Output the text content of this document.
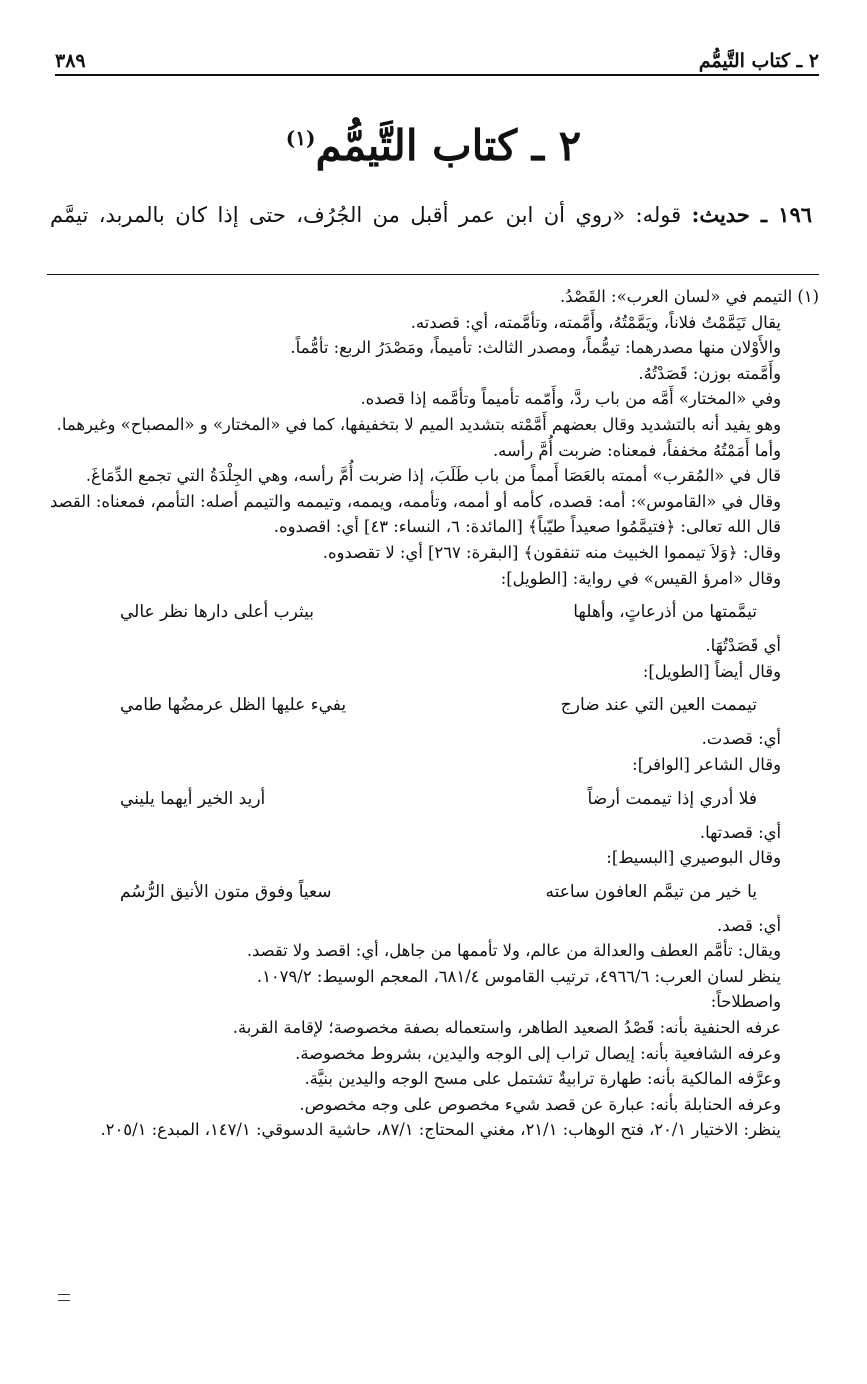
٣٨٩	٢ ـ كتاب التَّيمُّم
٢ ـ كتاب التَّيمُّم$^{(١)}$
١٩٦ ـ حديث: قوله: «روي أن ابن عمر أقبل من الجُرُف، حتى إذا كان بالمربد، تيمَّم

(١) التيمم في «لسان العرب»: القَصْدُ.

يقال تَيَمَّمْتُ فلاناً، ويَمَّمْتُهُ، وأَمَّمته، وتأمَّمته، أي: قصدته.

والأَوْلان منها مصدرهما: تيمُّماً، ومصدر الثالث: تأميماً، ومَصْدَرُ الربع: تأمُّماً.

وأَمَّمته بوزن: قَصَدْتُهُ.

وفي «المختار» أَمَّه من باب ردَّ، وأَمّمه تأميماً وتأمَّمه إذا قصده.

وهو يفيد أنه بالتشديد وقال بعضهم أَمَّمْته بتشديد الميم لا بتخفيفها، كما في «المختار» و «المصباح» وغيرهما.

وأما أَمَمْتُهُ مخففاً، فمعناه: ضربت أُمَّ رأسه.

قال في «المُقرب» أممته بالعَصَا أَمماً من باب طَلَبَ، إذا ضربت أُمَّ رأسه، وهي الجِلْدَةُ التي تجمع الدِّمَاغَ.

وقال في «القاموس»: أمه: قصده، كأمه أو أممه، وتأممه، ويممه، وتيممه والتيمم أصله: التأمم، فمعناه: القصد قال الله تعالى: ﴿فتيمَّمُوا صعيداً طيّباً﴾ [المائدة: ٦، النساء: ٤٣] أي: اقصدوه.

وقال: ﴿وَلاَ تيمموا الخبيث منه تنفقون﴾ [البقرة: ٢٦٧] أي: لا تقصدوه.

وقال «امرؤ القيس» في رواية: [الطويل]:

تيمَّمتها من أذرعاتٍ، وأهلها
بيثرب أعلى دارها نظر عالي

أي قَصَدْتُهَا.

وقال أيضاً [الطويل]:

تيممت العين التي عند ضارج
يفيء عليها الظل عرمضُها طامي

أي: قصدت.

وقال الشاعر [الوافر]:

فلا أدري إذا تيممت أرضاً
أريد الخير أيهما يليني

أي: قصدتها.

وقال البوصيري [البسيط]:

يا خير من تيمَّم العافون ساعته
سعياً وفوق متون الأنيق الرُّسُم

أي: قصد.

ويقال: تأمَّم العطف والعدالة من عالم، ولا تأممها من جاهل، أي: اقصد ولا تقصد.

ينظر لسان العرب: ٤٩٦٦/٦، ترتيب القاموس ٦٨١/٤، المعجم الوسيط: ١٠٧٩/٢.

واصطلاحاً:

عرفه الحنفية بأنه: قَصْدُ الصعيد الطاهر، واستعماله بصفة مخصوصة؛ لإقامة القربة.

وعرفه الشافعية بأنه: إيصال تراب إلى الوجه واليدين، بشروط مخصوصة.

وعرَّفه المالكية بأنه: طهارة ترابيةٌ تشتمل على مسح الوجه واليدين بنيَّة.

وعرفه الحنابلة بأنه: عبارة عن قصد شيء مخصوص على وجه مخصوص.

ينظر: الاختيار ٢٠/١، فتح الوهاب: ٢١/١، مغني المحتاج: ٨٧/١، حاشية الدسوقي: ١٤٧/١، المبدع: ٢٠٥/١.
